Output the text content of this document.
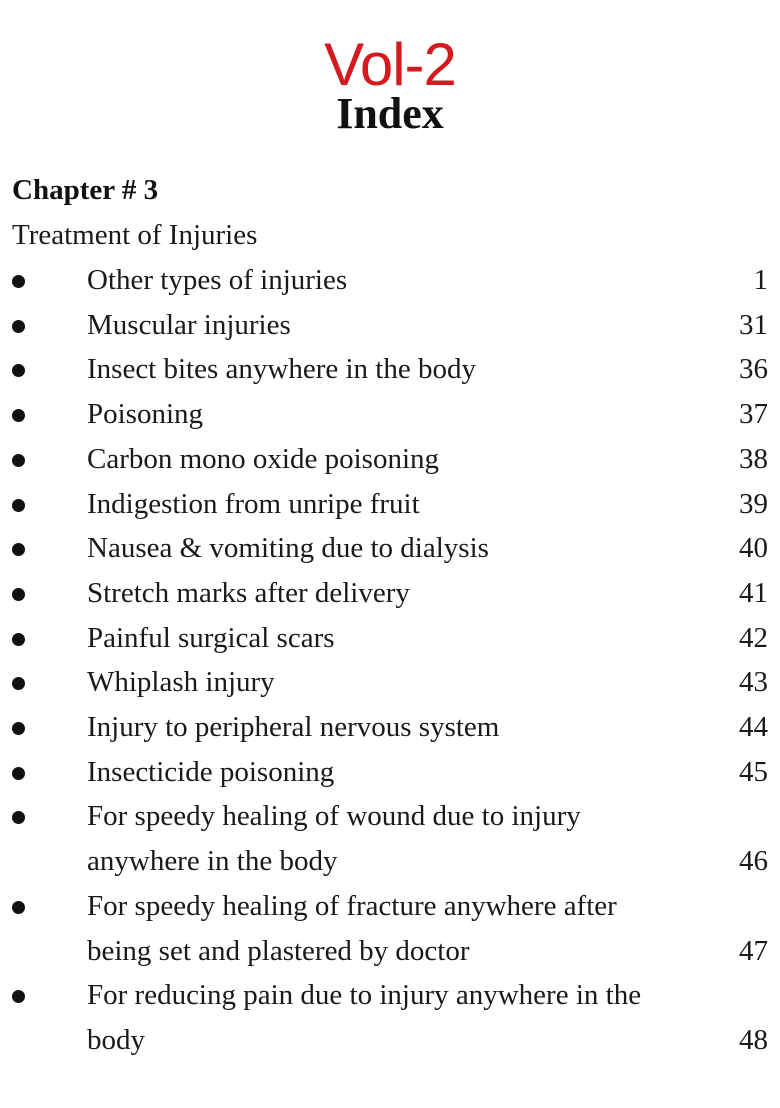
Vol-2
Index
Chapter # 3
Treatment of Injuries
Other types of injuries	1
Muscular injuries	31
Insect bites anywhere in the body	36
Poisoning	37
Carbon mono oxide poisoning	38
Indigestion from unripe fruit	39
Nausea & vomiting due to dialysis	40
Stretch marks after delivery	41
Painful surgical scars	42
Whiplash injury	43
Injury to peripheral nervous system	44
Insecticide poisoning	45
For speedy healing of wound due to injury anywhere in the body	46
For speedy healing of fracture anywhere after being set and plastered by doctor	47
For reducing pain due to injury anywhere in the body	48
